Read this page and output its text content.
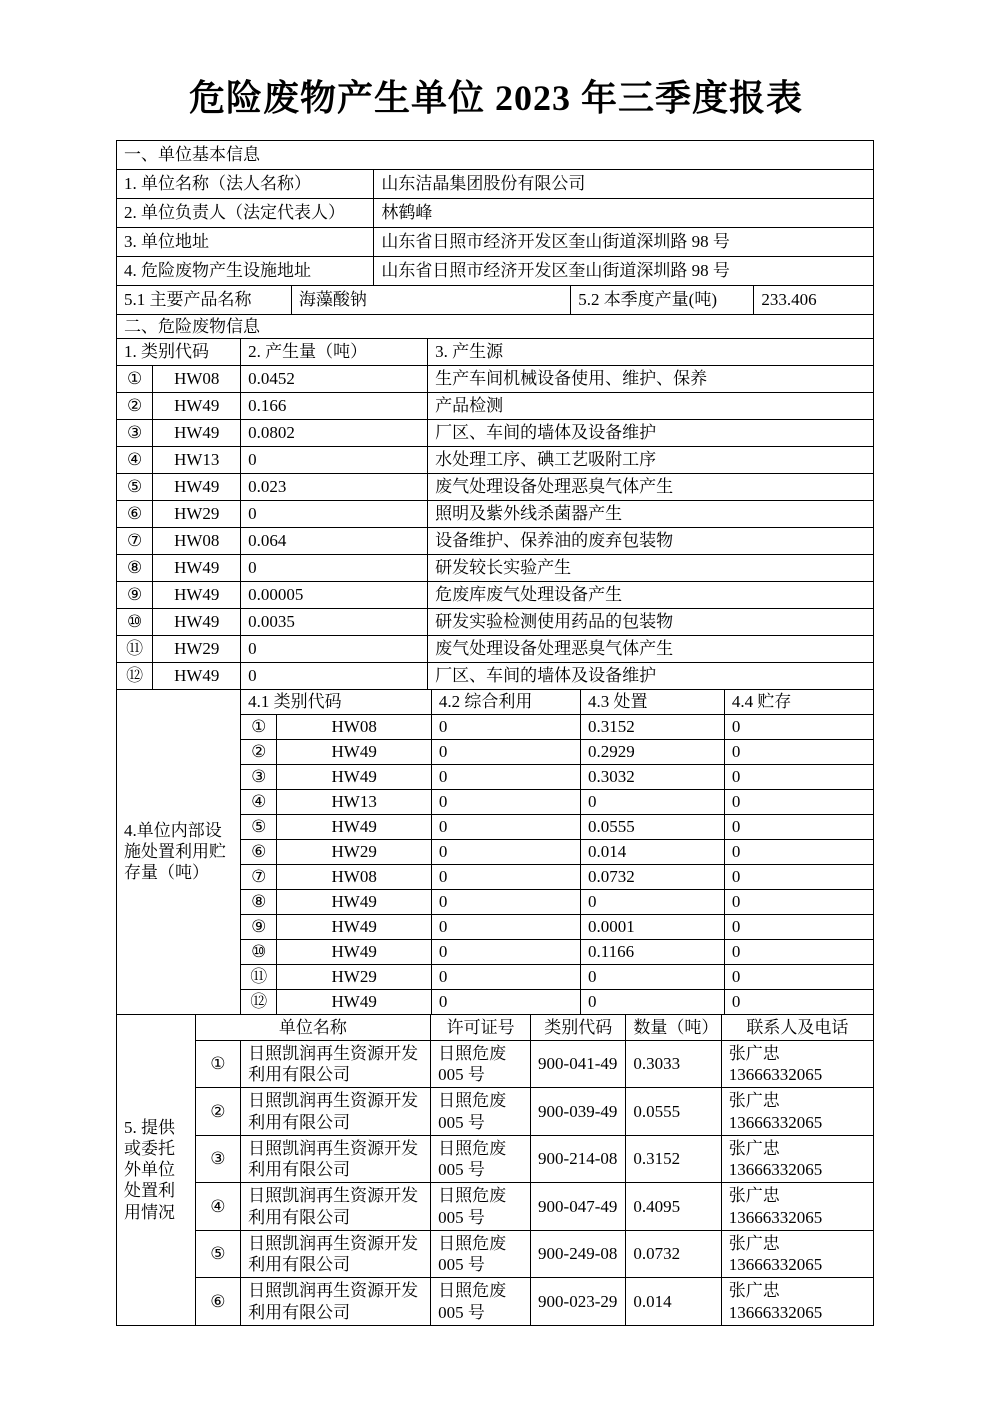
危险废物产生单位 2023 年三季度报表
一、单位基本信息	
1. 单位名称（法人名称）	山东洁晶集团股份有限公司
2. 单位负责人（法定代表人）	林鹤峰
3. 单位地址	山东省日照市经济开发区奎山街道深圳路 98 号
4. 危险废物产生设施地址	山东省日照市经济开发区奎山街道深圳路 98 号
5.1 主要产品名称	海藻酸钠	5.2 本季度产量(吨)	233.406
二、危险废物信息
1. 类别代码		2. 产生量（吨）	3. 产生源
①	HW08	0.0452	生产车间机械设备使用、维护、保养
②	HW49	0.166	产品检测
③	HW49	0.0802	厂区、车间的墙体及设备维护
④	HW13	0	水处理工序、碘工艺吸附工序
⑤	HW49	0.023	废气处理设备处理恶臭气体产生
⑥	HW29	0	照明及紫外线杀菌器产生
⑦	HW08	0.064	设备维护、保养油的废弃包装物
⑧	HW49	0	研发较长实验产生
⑨	HW49	0.00005	危废库废气处理设备产生
⑩	HW49	0.0035	研发实验检测使用药品的包装物
⑪	HW29	0	废气处理设备处理恶臭气体产生
⑫	HW49	0	厂区、车间的墙体及设备维护
4.单位内部设施处置利用贮存量（吨）	4.1 类别代码		4.2 综合利用	4.3 处置	4.4 贮存
	①	HW08	0	0.3152	0
	②	HW49	0	0.2929	0
	③	HW49	0	0.3032	0
	④	HW13	0	0	0
	⑤	HW49	0	0.0555	0
	⑥	HW29	0	0.014	0
	⑦	HW08	0	0.0732	0
	⑧	HW49	0	0	0
	⑨	HW49	0	0.0001	0
	⑩	HW49	0	0.1166	0
	⑪	HW29	0	0	0
	⑫	HW49	0	0	0
5. 提供或委托外单位处置利用情况	单位名称		许可证号	类别代码	数量（吨）	联系人及电话
	①	日照凯润再生资源开发利用有限公司	日照危废 005 号	900-041-49	0.3033	张广忠
13666332065

	②	日照凯润再生资源开发利用有限公司	日照危废 005 号	900-039-49	0.0555	张广忠
13666332065

	③	日照凯润再生资源开发利用有限公司	日照危废 005 号	900-214-08	0.3152	张广忠
13666332065

	④	日照凯润再生资源开发利用有限公司	日照危废 005 号	900-047-49	0.4095	张广忠
13666332065

	⑤	日照凯润再生资源开发利用有限公司	日照危废 005 号	900-249-08	0.0732	张广忠
13666332065

	⑥	日照凯润再生资源开发利用有限公司	日照危废 005 号	900-023-29	0.014	张广忠
13666332065
